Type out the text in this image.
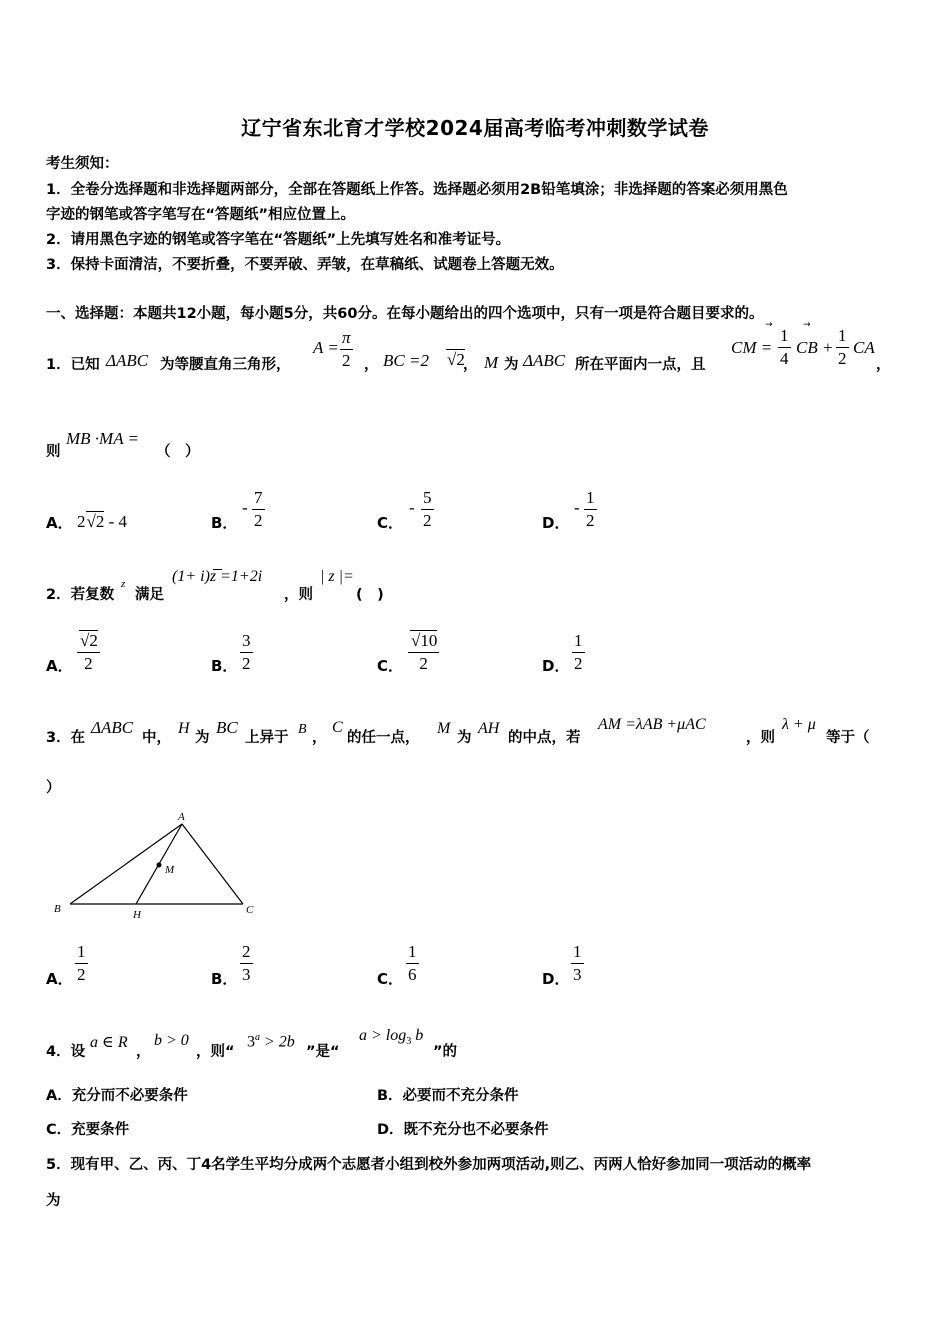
辽宁省东北育才学校2024届高考临考冲刺数学试卷
考生须知：
1．全卷分选择题和非选择题两部分，全部在答题纸上作答。选择题必须用2B铅笔填涂；非选择题的答案必须用黑色
字迹的钢笔或答字笔写在“答题纸”相应位置上。
2．请用黑色字迹的钢笔或答字笔在“答题纸”上先填写姓名和准考证号。
3．保持卡面清洁，不要折叠，不要弄破、弄皱，在草稿纸、试题卷上答题无效。
一、选择题：本题共12小题，每小题5分，共60分。在每小题给出的四个选项中，只有一项是符合题目要求的。
1．已知 ΔABC 为等腰直角三角形，
$A = \frac{\pi}{2}$ ， BC =2 √2
， M 为 ΔABC 所在平面内一点，且
CM = $\frac{1}{4}$ CB + $\frac{1}{2}$ CA
，
→	→
则
MB ·MA =
（　）
A． 2√2 - 4	B．
- $\frac{7}{2}$	C．
- $\frac{5}{2}$	D．
- $\frac{1}{2}$
2．若复数
z
满足
(1+ i)z =1+2i
，则
| z |=
(　)
A． $\frac{√2}{2}$	B． $\frac{3}{2}$	C． $\frac{√10}{2}$	D． $\frac{1}{2}$
3．在
ΔABC
中，
H
为
BC
上异于
B
，
C
的任一点，
M
为
AH
的中点，若
AM =λAB +μAC
，则
λ + μ
等于（
）
A
B	C
H
M
A． $\frac{1}{2}$	B． $\frac{2}{3}$	C． $\frac{1}{6}$	D． $\frac{1}{3}$
4．设
a ∈ R
，
b > 0
，则“
$3^a > 2b$
”是“
$a > \log_3 b$
”的
A．充分而不必要条件	B．必要而不充分条件
C．充要条件	D．既不充分也不必要条件
5．现有甲、乙、丙、丁4名学生平均分成两个志愿者小组到校外参加两项活动,则乙、丙两人恰好参加同一项活动的概率
为
